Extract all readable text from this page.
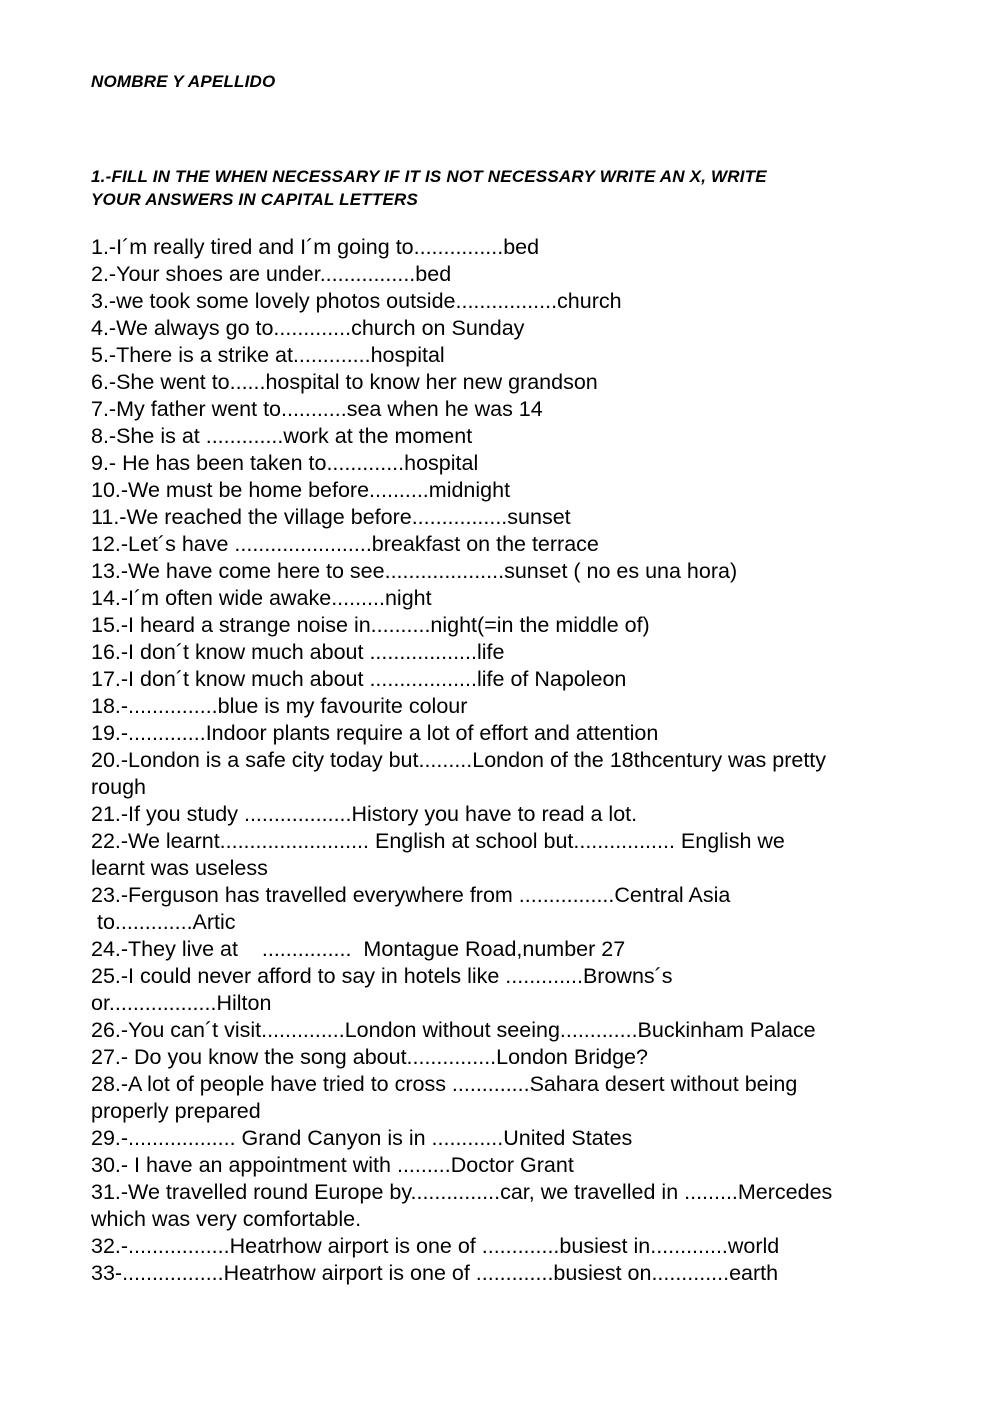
NOMBRE Y APELLIDO
1.-FILL IN THE WHEN NECESSARY IF IT IS NOT NECESSARY WRITE AN X, WRITE
YOUR ANSWERS IN CAPITAL LETTERS
1.-I´m really tired and I´m going to...............bed
2.-Your shoes are under................bed
3.-we took some lovely photos outside.................church
4.-We always go to.............church on Sunday
5.-There is a strike at.............hospital
6.-She went to......hospital to know her new grandson
7.-My father went to...........sea when he was 14
8.-She is at .............work at the moment
9.- He has been taken to.............hospital
10.-We must be home before..........midnight
11.-We reached the village before................sunset
12.-Let´s have .......................breakfast on the terrace
13.-We have come here to see....................sunset ( no es una hora)
14.-I´m often wide awake.........night
15.-I heard a strange noise in..........night(=in the middle of)
16.-I don´t know much about ..................life
17.-I don´t know much about ..................life of Napoleon
18.-...............blue is my favourite colour
19.-.............Indoor plants require a lot of effort and attention
20.-London is a safe city today but.........London of the 18thcentury was pretty
rough
21.-If you study ..................History you have to read a lot.
22.-We learnt......................... English at school but................. English we
learnt was useless
23.-Ferguson has travelled everywhere from ................Central Asia
to.............Artic
24.-They live at    ...............  Montague Road,number 27
25.-I could never afford to say in hotels like .............Browns´s
or..................Hilton
26.-You can´t visit..............London without seeing.............Buckinham Palace
27.- Do you know the song about...............London Bridge?
28.-A lot of people have tried to cross .............Sahara desert without being
properly prepared
29.-.................. Grand Canyon is in ............United States
30.- I have an appointment with .........Doctor Grant
31.-We travelled round Europe by...............car, we travelled in .........Mercedes
which was very comfortable.
32.-.................Heatrhow airport is one of .............busiest in.............world
33-.................Heatrhow airport is one of .............busiest on.............earth
